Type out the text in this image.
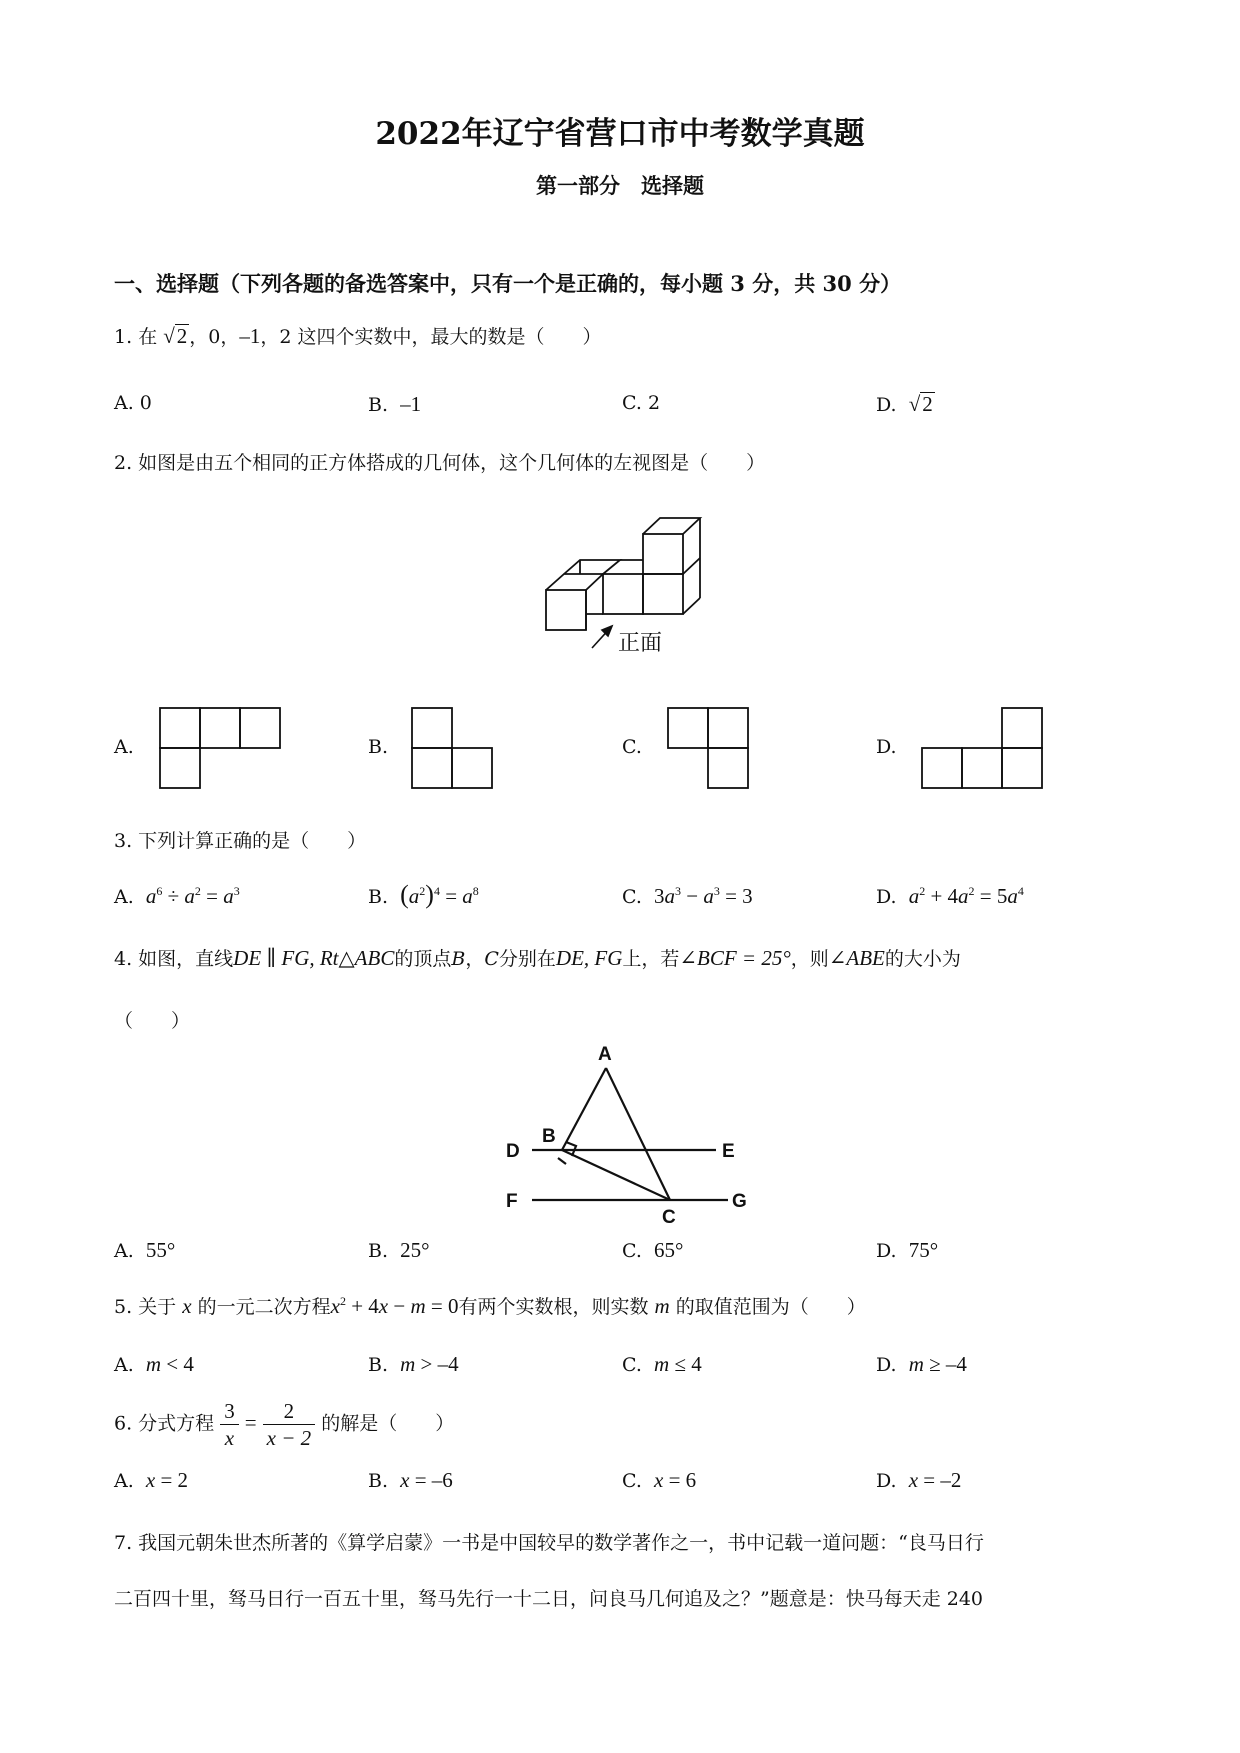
2022年辽宁省营口市中考数学真题
第一部分　选择题
一、选择题（下列各题的备选答案中，只有一个是正确的，每小题 3 分，共 30 分）
1. 在 √2 ，0，–1，2 这四个实数中，最大的数是（　　）
A. 0	B. –1	C. 2	D. √2
2. 如图是由五个相同的正方体搭成的几何体，这个几何体的左视图是（　　）
正面
A.	B.	C.	D.
3. 下列计算正确的是（　　）
A. $a^6 \div a^2 = a^3$	B. $(a^2)^4 = a^8$	C. $3a^3 - a^3 = 3$	D. $a^2 + 4a^2 = 5a^4$
4. 如图，直线DE ∥ FG, Rt△ABC的顶点B，C分别在DE, FG上，若∠BCF = 25°，则∠ABE的大小为
（　　）
A
B
D	E
F
C
G
A. 55°	B. 25°	C. 65°	D. 75°
5. 关于 x 的一元二次方程$x^2 + 4x - m = 0$有两个实数根，则实数 m 的取值范围为（　　）
A. m < 4	B. m > –4	C. m ≤ 4	D. m ≥ –4
6. 分式方程 $\frac{3}{x} = \frac{2}{x - 2}$ 的解是（　　）
A. x = 2	B. x = –6	C. x = 6	D. x = –2
7. 我国元朝朱世杰所著的《算学启蒙》一书是中国较早的数学著作之一，书中记载一道问题：“良马日行
二百四十里，驽马日行一百五十里，驽马先行一十二日，问良马几何追及之？”题意是：快马每天走 240
